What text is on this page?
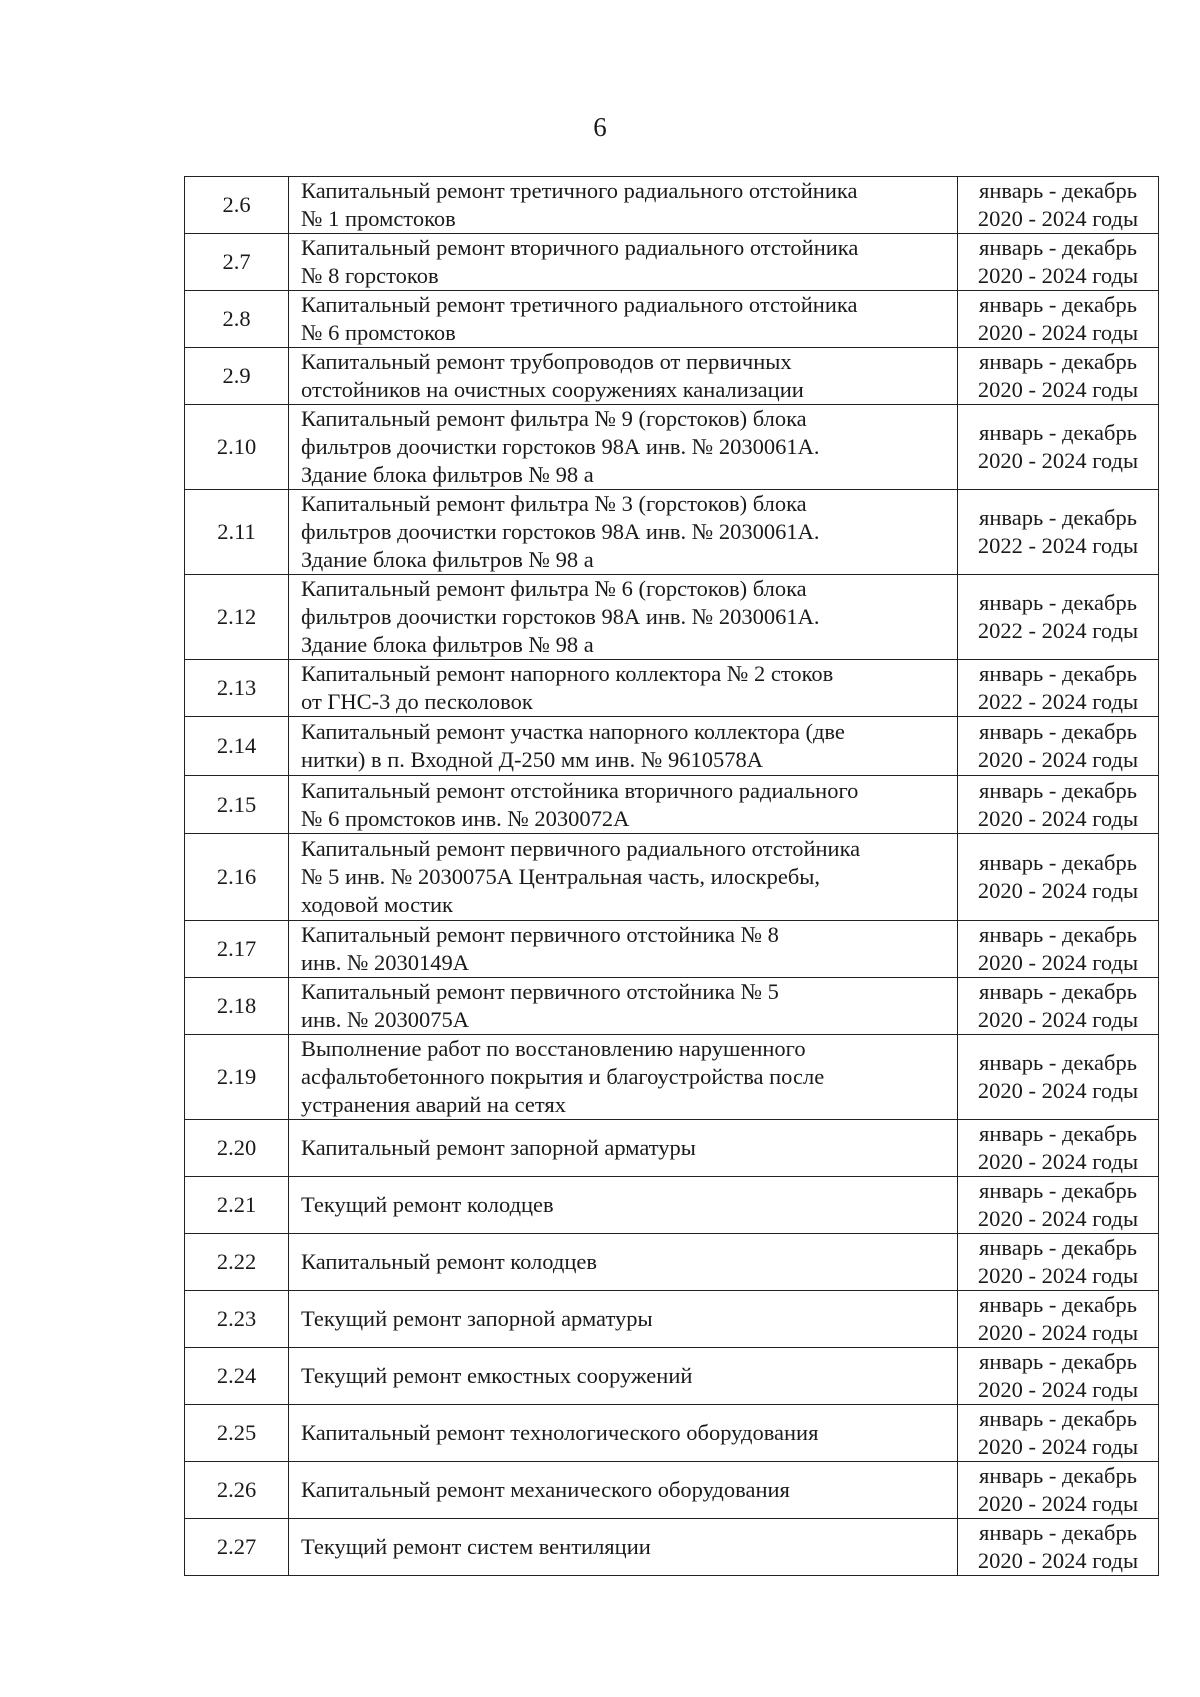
6
2.6	Капитальный ремонт третичного радиального отстойника
№ 1 промстоков	январь - декабрь
2020 - 2024 годы

2.7	Капитальный ремонт вторичного радиального отстойника
№ 8 горстоков	январь - декабрь
2020 - 2024 годы

2.8	Капитальный ремонт третичного радиального отстойника
№ 6 промстоков	январь - декабрь
2020 - 2024 годы

2.9	Капитальный ремонт трубопроводов от первичных
отстойников на очистных сооружениях канализации	январь - декабрь
2020 - 2024 годы

2.10	Капитальный ремонт фильтра № 9 (горстоков) блока
фильтров доочистки горстоков 98А инв. № 2030061А.
Здание блока фильтров № 98 а	январь - декабрь
2020 - 2024 годы

2.11	Капитальный ремонт фильтра № 3 (горстоков) блока
фильтров доочистки горстоков 98А инв. № 2030061А.
Здание блока фильтров № 98 а	январь - декабрь
2022 - 2024 годы

2.12	Капитальный ремонт фильтра № 6 (горстоков) блока
фильтров доочистки горстоков 98А инв. № 2030061А.
Здание блока фильтров № 98 а	январь - декабрь
2022 - 2024 годы

2.13	Капитальный ремонт напорного коллектора № 2 стоков
от ГНС-3 до песколовок	январь - декабрь
2022 - 2024 годы

2.14	Капитальный ремонт участка напорного коллектора (две
нитки) в п. Входной Д-250 мм инв. № 9610578А	январь - декабрь
2020 - 2024 годы

2.15	Капитальный ремонт отстойника вторичного радиального
№ 6 промстоков инв. № 2030072А	январь - декабрь
2020 - 2024 годы

2.16	Капитальный ремонт первичного радиального отстойника
№ 5 инв. № 2030075А Центральная часть, илоскребы,
ходовой мостик	январь - декабрь
2020 - 2024 годы

2.17	Капитальный ремонт первичного отстойника № 8
инв. № 2030149А	январь - декабрь
2020 - 2024 годы

2.18	Капитальный ремонт первичного отстойника № 5
инв. № 2030075А	январь - декабрь
2020 - 2024 годы

2.19	Выполнение работ по восстановлению нарушенного
асфальтобетонного покрытия и благоустройства после
устранения аварий на сетях	январь - декабрь
2020 - 2024 годы

2.20	Капитальный ремонт запорной арматуры	январь - декабрь
2020 - 2024 годы

2.21	Текущий ремонт колодцев	январь - декабрь
2020 - 2024 годы

2.22	Капитальный ремонт колодцев	январь - декабрь
2020 - 2024 годы

2.23	Текущий ремонт запорной арматуры	январь - декабрь
2020 - 2024 годы

2.24	Текущий ремонт емкостных сооружений	январь - декабрь
2020 - 2024 годы

2.25	Капитальный ремонт технологического оборудования	январь - декабрь
2020 - 2024 годы

2.26	Капитальный ремонт механического оборудования	январь - декабрь
2020 - 2024 годы

2.27	Текущий ремонт систем вентиляции	январь - декабрь
2020 - 2024 годы
